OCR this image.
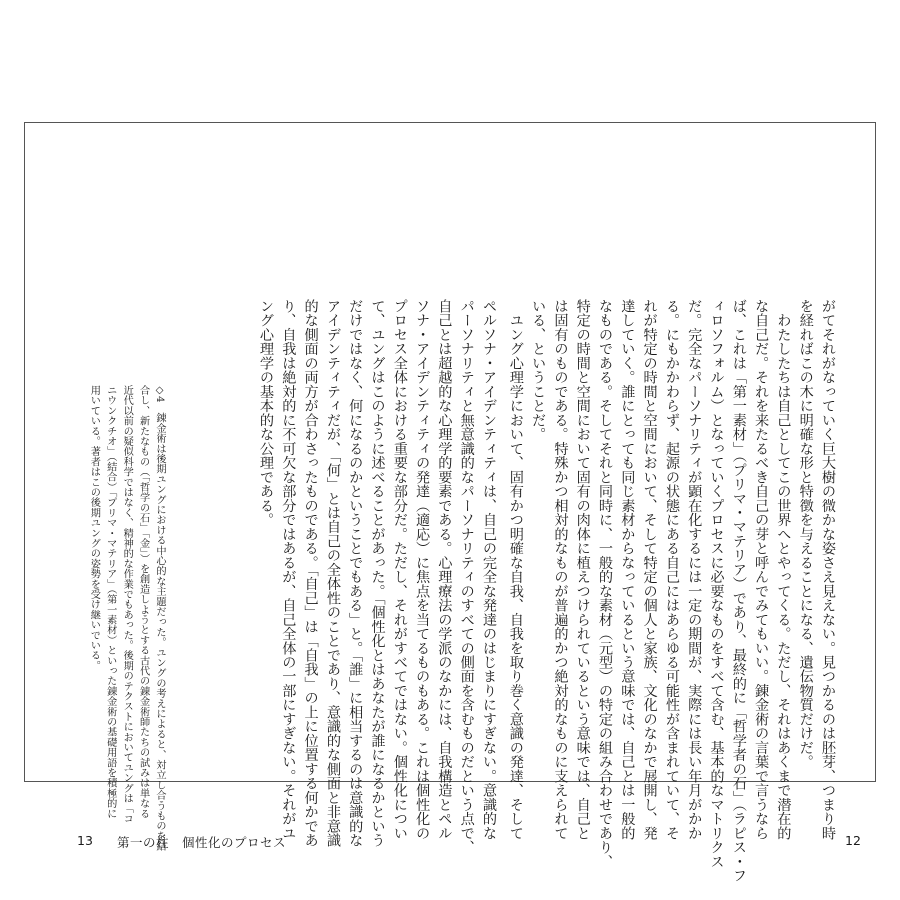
がてそれがなっていく巨大樹の微かな姿さえ見えない。見つかるのは胚芽、つまり時

を経ればこの木に明確な形と特徴を与えることになる、遺伝物質だけだ。

　わたしたちは自己としてこの世界へとやってくる。ただし、それはあくまで潜在的

な自己だ。それを来たるべき自己の芽と呼んでみてもいい。錬金術の言葉で言うなら

ば、これは「第一素材」（プリマ・マテリア）であり、最終的に「哲学者の石」（ラピス・フ

ィロソフォルム）となっていくプロセスに必要なものをすべて含む、基本的なマトリクス

だ。完全なパーソナリティが顕在化するには一定の期間が、実際には長い年月がかか

る。にもかかわらず、起源の状態にある自己にはあらゆる可能性が含まれていて、そ

れが特定の時間と空間において、そして特定の個人と家族、文化のなかで展開し、発

達していく。誰にとっても同じ素材からなっているという意味では、自己とは一般的

なものである。そしてそれと同時に、一般的な素材（元型）の特定の組み合わせであり、

特定の時間と空間において固有の肉体に植えつけられているという意味では、自己と

は固有のものである。特殊かつ相対的なものが普遍的かつ絶対的なものに支えられて

いる、ということだ。

　ユング心理学において、固有かつ明確な自我、自我を取り巻く意識の発達、そして

ペルソナ・アイデンティティは、自己の完全な発達のはじまりにすぎない。意識的な

パーソナリティと無意識的なパーソナリティのすべての側面を含むものだという点で、

自己とは超越的な心理学的要素である。心理療法の学派のなかには、自我構造とペル

ソナ・アイデンティティの発達（適応）に焦点を当てるものもある。これは個性化の

プロセス全体における重要な部分だ。ただし、それがすべてではない。個性化につい

て、ユングはこのように述べることがあった。「個性化とはあなたが誰になるかという

だけではなく、何になるのかということでもある」と。「誰」に相当するのは意識的な

アイデンティティだが、「何」とは自己の全体性のことであり、意識的な側面と非意識

的な側面の両方が合わさったものである。「自己」は「自我」の上に位置する何かであ

り、自我は絶対的に不可欠な部分ではあるが、自己全体の一部にすぎない。それがユ

ング心理学の基本的な公理である。

◇4　錬金術は後期ユングにおける中心的な主題だった。ユングの考えによると、対立し合うものを結

合し、新たなもの（「哲学の石」「金」）を創造しようとする古代の錬金術師たちの試みは単なる

近代以前の疑似科学ではなく、精神的な作業でもあった。後期のテクストにおいてユングは「コ

ニウンクチオ」（結合）「プリマ・マテリア」（第一素材）といった錬金術の基礎用語を積極的に

用いている。著者はこの後期ユングの姿勢を受け継いでいる。

13 第一の柱　個性化のプロセス	12
